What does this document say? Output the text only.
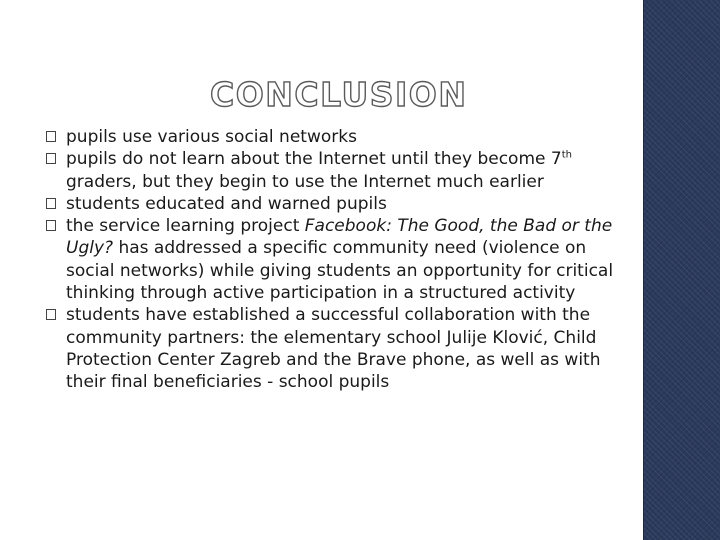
CONCLUSION
pupils use various social networks
pupils do not learn about the Internet until they become 7th graders, but they begin to use the Internet much earlier
students educated and warned pupils
the service learning project Facebook: The Good, the Bad or the Ugly? has addressed a specific community need (violence on social networks) while giving students an opportunity for critical thinking through active participation in a structured activity
students have established a successful collaboration with the community partners: the elementary school Julije Klović, Child Protection Center Zagreb and the Brave phone, as well as with their final beneficiaries - school pupils
